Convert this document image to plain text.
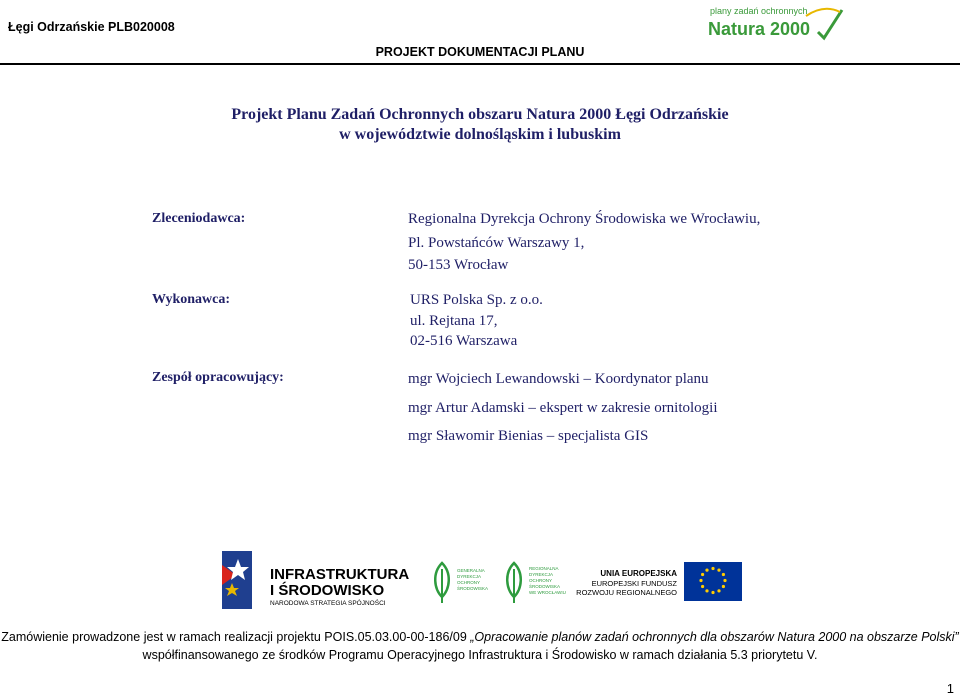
Łęgi Odrzańskie PLB020008
PROJEKT DOKUMENTACJI PLANU
plany zadań ochronnych
Natura 2000
Projekt Planu Zadań Ochronnych obszaru Natura 2000 Łęgi Odrzańskie
w województwie dolnośląskim i lubuskim
Zleceniodawca:	Regionalna Dyrekcja Ochrony Środowiska we Wrocławiu,
Pl. Powstańców Warszawy 1,
50-153 Wrocław
Wykonawca:	URS Polska Sp. z o.o.
ul. Rejtana 17,
02-516 Warszawa
Zespół opracowujący:	mgr Wojciech Lewandowski – Koordynator planu
mgr Artur Adamski – ekspert w zakresie ornitologii
mgr Sławomir Bienias – specjalista GIS
INFRASTRUKTURA
I ŚRODOWISKO
NARODOWA STRATEGIA SPÓJNOŚCI
GENERALNA
DYREKCJA
OCHRONY
ŚRODOWISKA
REGIONALNA
DYREKCJA
OCHRONY
ŚRODOWISKA
WE WROCŁAWIU
UNIA EUROPEJSKA
EUROPEJSKI FUNDUSZ
ROZWOJU REGIONALNEGO
Zamówienie prowadzone jest w ramach realizacji projektu POIS.05.03.00-00-186/09 „Opracowanie planów zadań ochronnych dla obszarów Natura 2000 na obszarze Polski”
współfinansowanego ze środków Programu Operacyjnego Infrastruktura i Środowisko w ramach działania 5.3 priorytetu V.
1
